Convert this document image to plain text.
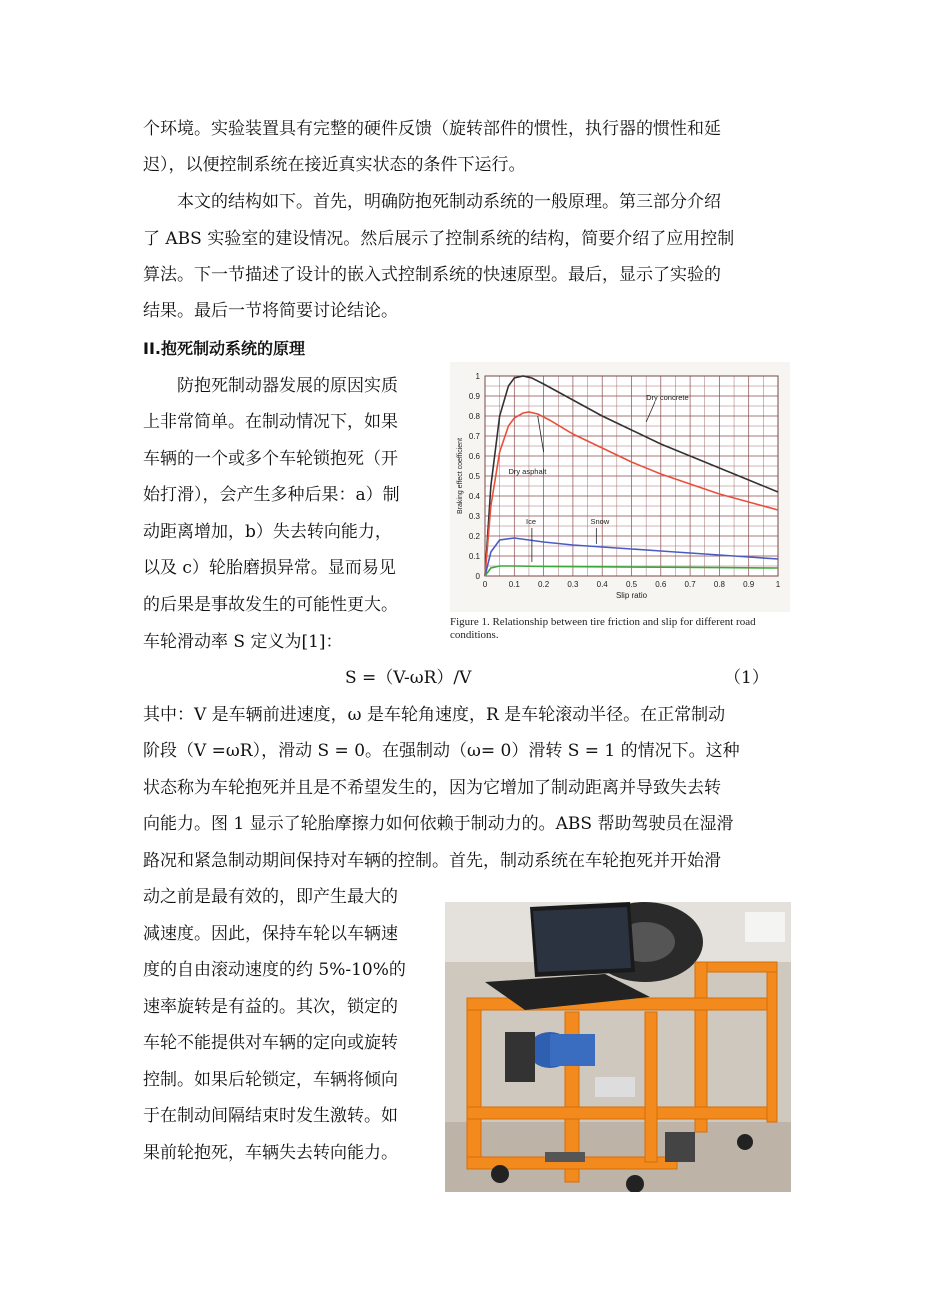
个环境。实验装置具有完整的硬件反馈（旋转部件的惯性，执行器的惯性和延
迟），以便控制系统在接近真实状态的条件下运行。
　　本文的结构如下。首先，明确防抱死制动系统的一般原理。第三部分介绍
了 ABS 实验室的建设情况。然后展示了控制系统的结构，简要介绍了应用控制
算法。下一节描述了设计的嵌入式控制系统的快速原型。最后，显示了实验的
结果。最后一节将简要讨论结论。
II.抱死制动系统的原理
　　防抱死制动器发展的原因实质
上非常简单。在制动情况下，如果
车辆的一个或多个车轮锁抱死（开
始打滑），会产生多种后果：a）制
动距离增加，b）失去转向能力，
以及 c）轮胎磨损异常。显而易见
的后果是事故发生的可能性更大。
车轮滑动率 S 定义为[1]：
0	0.1 0.2 0.3 0.4 0.5 0.6 0.7 0.8 0.9	1
0
0.1
0.2
0.3
0.4
0.5
0.6
0.7
0.8
0.9
1
Slip ratio
Braking effect coefficient
Dry concrete
Dry asphalt
Ice	Snow
Figure 1. Relationship between tire friction and slip for different road conditions.
S =（V-ωR）/V	（1）
其中：V 是车辆前进速度，ω 是车轮角速度，R 是车轮滚动半径。在正常制动
阶段（V =ωR），滑动 S = 0。在强制动（ω= 0）滑转 S = 1 的情况下。这种
状态称为车轮抱死并且是不希望发生的，因为它增加了制动距离并导致失去转
向能力。图 1 显示了轮胎摩擦力如何依赖于制动力的。ABS 帮助驾驶员在湿滑
路况和紧急制动期间保持对车辆的控制。首先，制动系统在车轮抱死并开始滑
动之前是最有效的，即产生最大的
减速度。因此，保持车轮以车辆速
度的自由滚动速度的约 5%-10%的
速率旋转是有益的。其次，锁定的
车轮不能提供对车辆的定向或旋转
控制。如果后轮锁定，车辆将倾向
于在制动间隔结束时发生激转。如
果前轮抱死，车辆失去转向能力。
